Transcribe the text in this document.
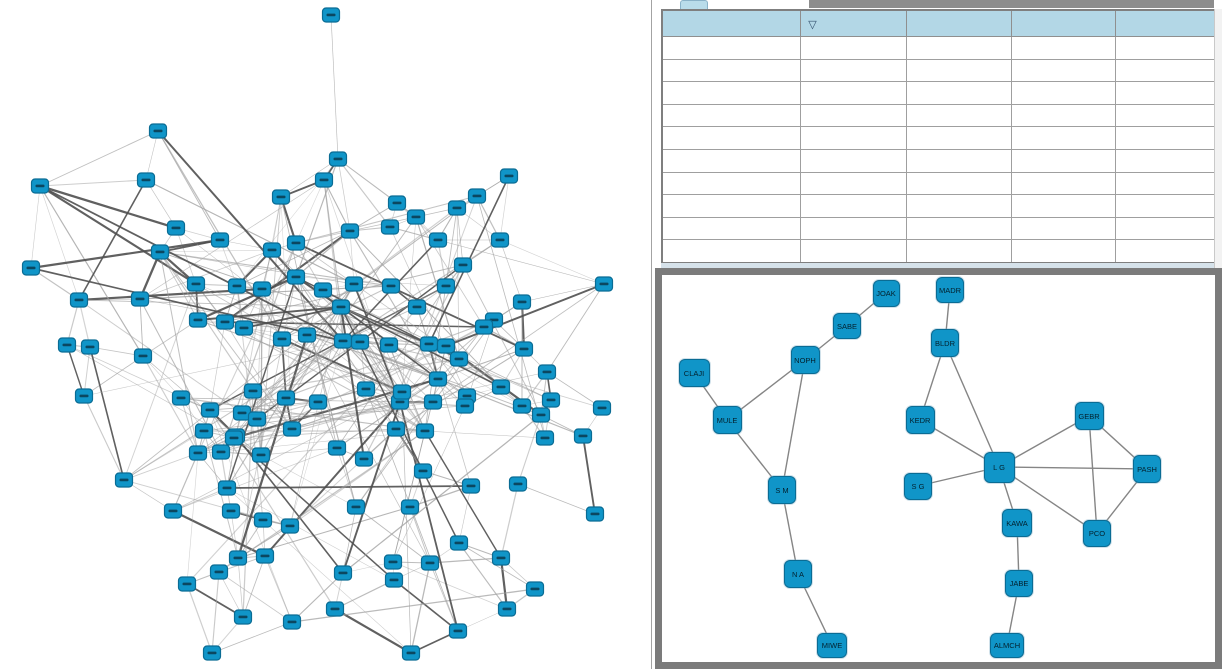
	▽			

JOAK	MADR
SABE
NOPH
BLDR
CLAJI
MULE	KEDR	GEBR
L G	PASH
S G
S M
KAWA
PCO
N A
JABE
MIWE	ALMCH
